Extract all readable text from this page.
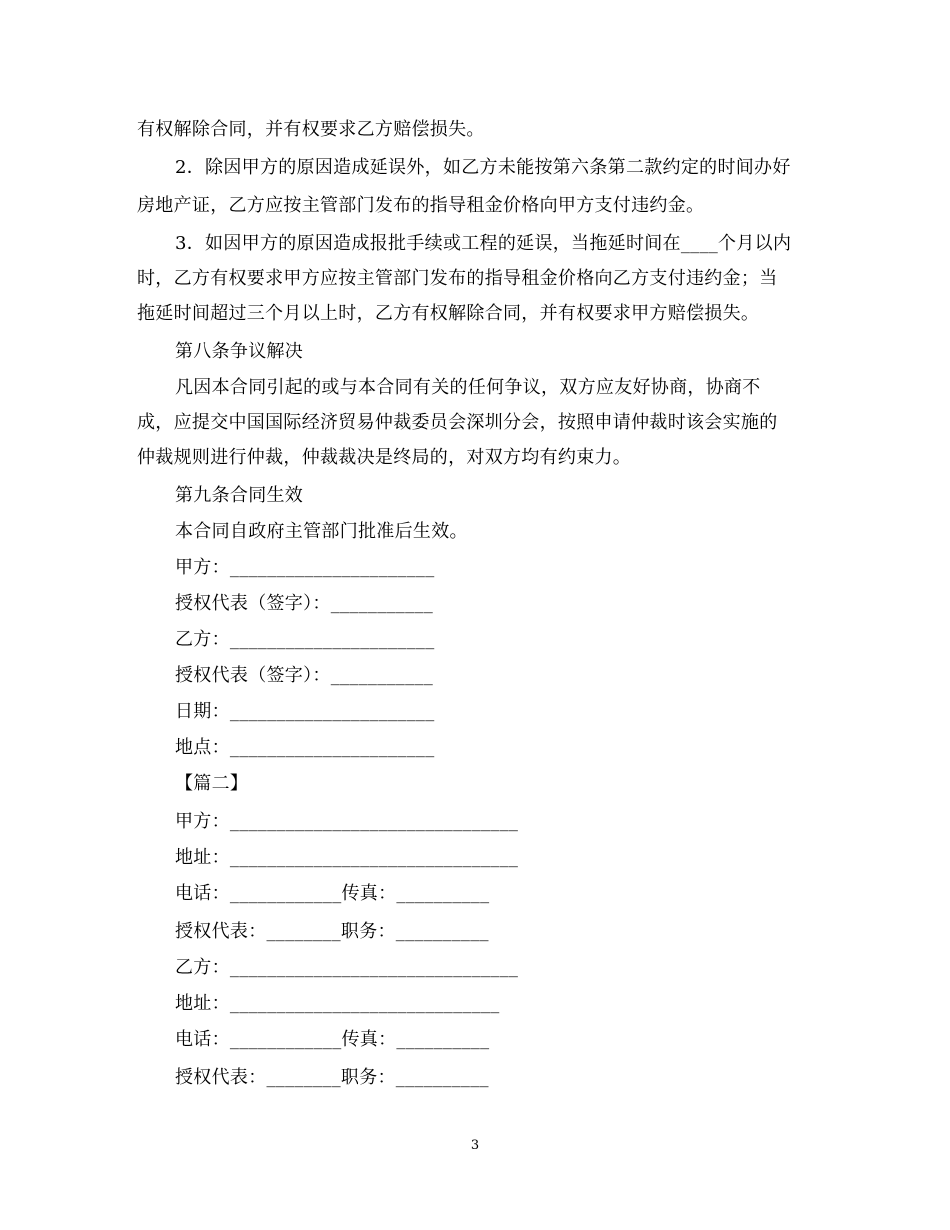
有权解除合同，并有权要求乙方赔偿损失。
2．除因甲方的原因造成延误外，如乙方未能按第六条第二款约定的时间办好
房地产证，乙方应按主管部门发布的指导租金价格向甲方支付违约金。
3．如因甲方的原因造成报批手续或工程的延误，当拖延时间在____个月以内
时，乙方有权要求甲方应按主管部门发布的指导租金价格向乙方支付违约金；当
拖延时间超过三个月以上时，乙方有权解除合同，并有权要求甲方赔偿损失。
第八条争议解决
凡因本合同引起的或与本合同有关的任何争议，双方应友好协商，协商不
成，应提交中国国际经济贸易仲裁委员会深圳分会，按照申请仲裁时该会实施的
仲裁规则进行仲裁，仲裁裁决是终局的，对双方均有约束力。
第九条合同生效
本合同自政府主管部门批准后生效。
甲方：______________________
授权代表（签字）：___________
乙方：______________________
授权代表（签字）：___________
日期：______________________
地点：______________________
【篇二】
甲方：_______________________________
地址：_______________________________
电话：____________传真：__________
授权代表：________职务：__________
乙方：_______________________________
地址：_____________________________
电话：____________传真：__________
授权代表：________职务：__________
3
